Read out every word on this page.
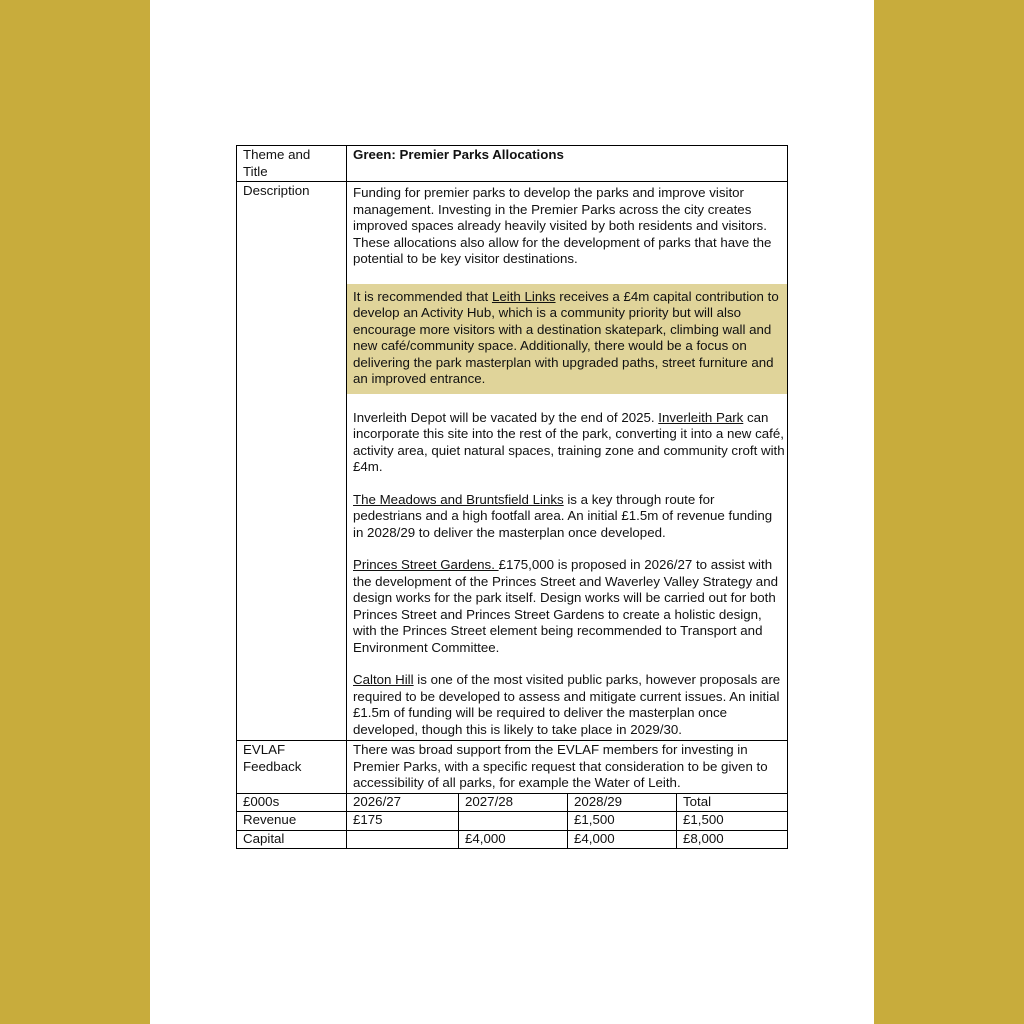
Theme and Title	Green: Premier Parks Allocations
Description	Funding for premier parks to develop the parks and improve visitor management. Investing in the Premier Parks across the city creates improved spaces already heavily visited by both residents and visitors. These allocations also allow for the development of parks that have the potential to be key visitor destinations.
It is recommended that Leith Links receives a £4m capital contribution to develop an Activity Hub, which is a community priority but will also encourage more visitors with a destination skatepark, climbing wall and new café/community space. Additionally, there would be a focus on delivering the park masterplan with upgraded paths, street furniture and an improved entrance.
Inverleith Depot will be vacated by the end of 2025. Inverleith Park can incorporate this site into the rest of the park, converting it into a new café, activity area, quiet natural spaces, training zone and community croft with £4m.
The Meadows and Bruntsfield Links is a key through route for pedestrians and a high footfall area. An initial £1.5m of revenue funding in 2028/29 to deliver the masterplan once developed.
Princes Street Gardens. £175,000 is proposed in 2026/27 to assist with the development of the Princes Street and Waverley Valley Strategy and design works for the park itself. Design works will be carried out for both Princes Street and Princes Street Gardens to create a holistic design, with the Princes Street element being recommended to Transport and Environment Committee.
Calton Hill is one of the most visited public parks, however proposals are required to be developed to assess and mitigate current issues. An initial £1.5m of funding will be required to deliver the masterplan once developed, though this is likely to take place in 2029/30.

EVLAF Feedback	There was broad support from the EVLAF members for investing in Premier Parks, with a specific request that consideration to be given to accessibility of all parks, for example the Water of Leith.
£000s	2026/27	2027/28	2028/29	Total
Revenue	£175		£1,500	£1,500
Capital		£4,000	£4,000	£8,000
